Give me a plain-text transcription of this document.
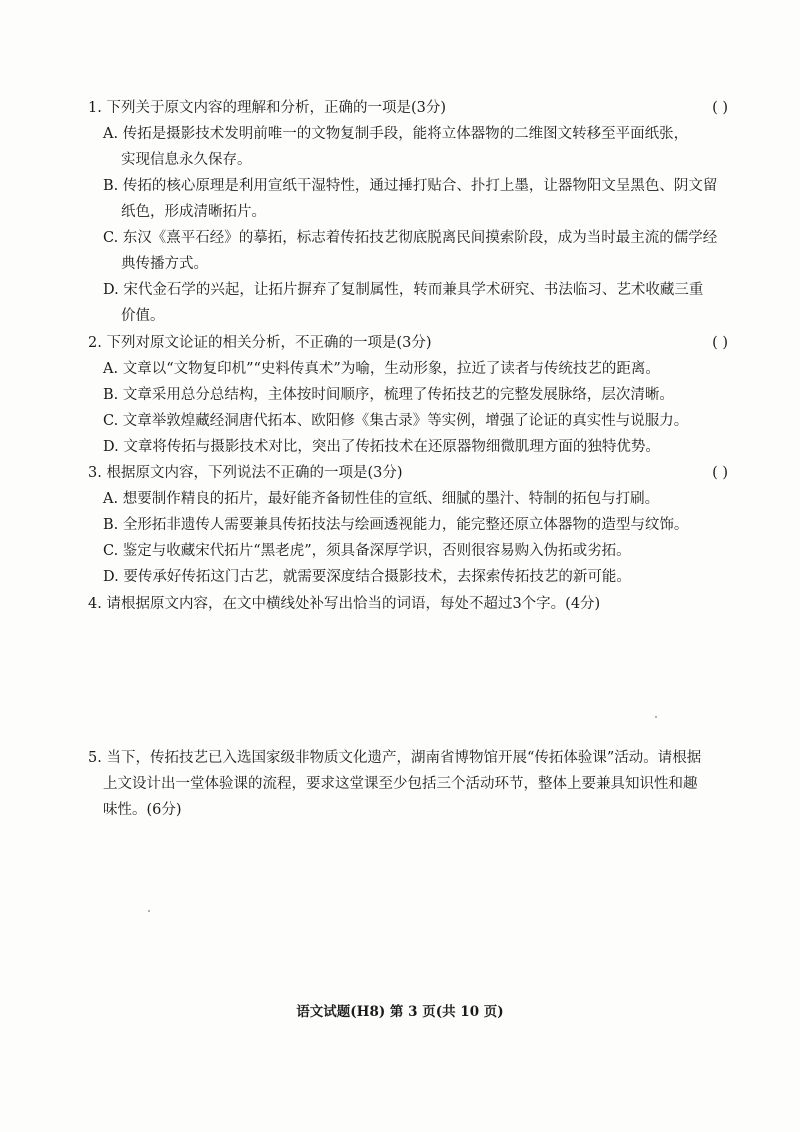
1. 下列关于原文内容的理解和分析，正确的一项是(3分)	( )
A. 传拓是摄影技术发明前唯一的文物复制手段，能将立体器物的二维图文转移至平面纸张，
实现信息永久保存。
B. 传拓的核心原理是利用宣纸干湿特性，通过捶打贴合、扑打上墨，让器物阳文呈黑色、阴文留
纸色，形成清晰拓片。
C. 东汉《熹平石经》的摹拓，标志着传拓技艺彻底脱离民间摸索阶段，成为当时最主流的儒学经
典传播方式。
D. 宋代金石学的兴起，让拓片摒弃了复制属性，转而兼具学术研究、书法临习、艺术收藏三重
价值。
2. 下列对原文论证的相关分析，不正确的一项是(3分)	( )
A. 文章以“文物复印机”“史料传真术”为喻，生动形象，拉近了读者与传统技艺的距离。
B. 文章采用总分总结构，主体按时间顺序，梳理了传拓技艺的完整发展脉络，层次清晰。
C. 文章举敦煌藏经洞唐代拓本、欧阳修《集古录》等实例，增强了论证的真实性与说服力。
D. 文章将传拓与摄影技术对比，突出了传拓技术在还原器物细微肌理方面的独特优势。
3. 根据原文内容，下列说法不正确的一项是(3分)	( )
A. 想要制作精良的拓片，最好能齐备韧性佳的宣纸、细腻的墨汁、特制的拓包与打刷。
B. 全形拓非遗传人需要兼具传拓技法与绘画透视能力，能完整还原立体器物的造型与纹饰。
C. 鉴定与收藏宋代拓片“黑老虎”，须具备深厚学识，否则很容易购入伪拓或劣拓。
D. 要传承好传拓这门古艺，就需要深度结合摄影技术，去探索传拓技艺的新可能。
4. 请根据原文内容，在文中横线处补写出恰当的词语，每处不超过3个字。(4分)
5. 当下，传拓技艺已入选国家级非物质文化遗产，湖南省博物馆开展“传拓体验课”活动。请根据
上文设计出一堂体验课的流程，要求这堂课至少包括三个活动环节，整体上要兼具知识性和趣
味性。(6分)
语文试题(H8) 第 3 页(共 10 页)
